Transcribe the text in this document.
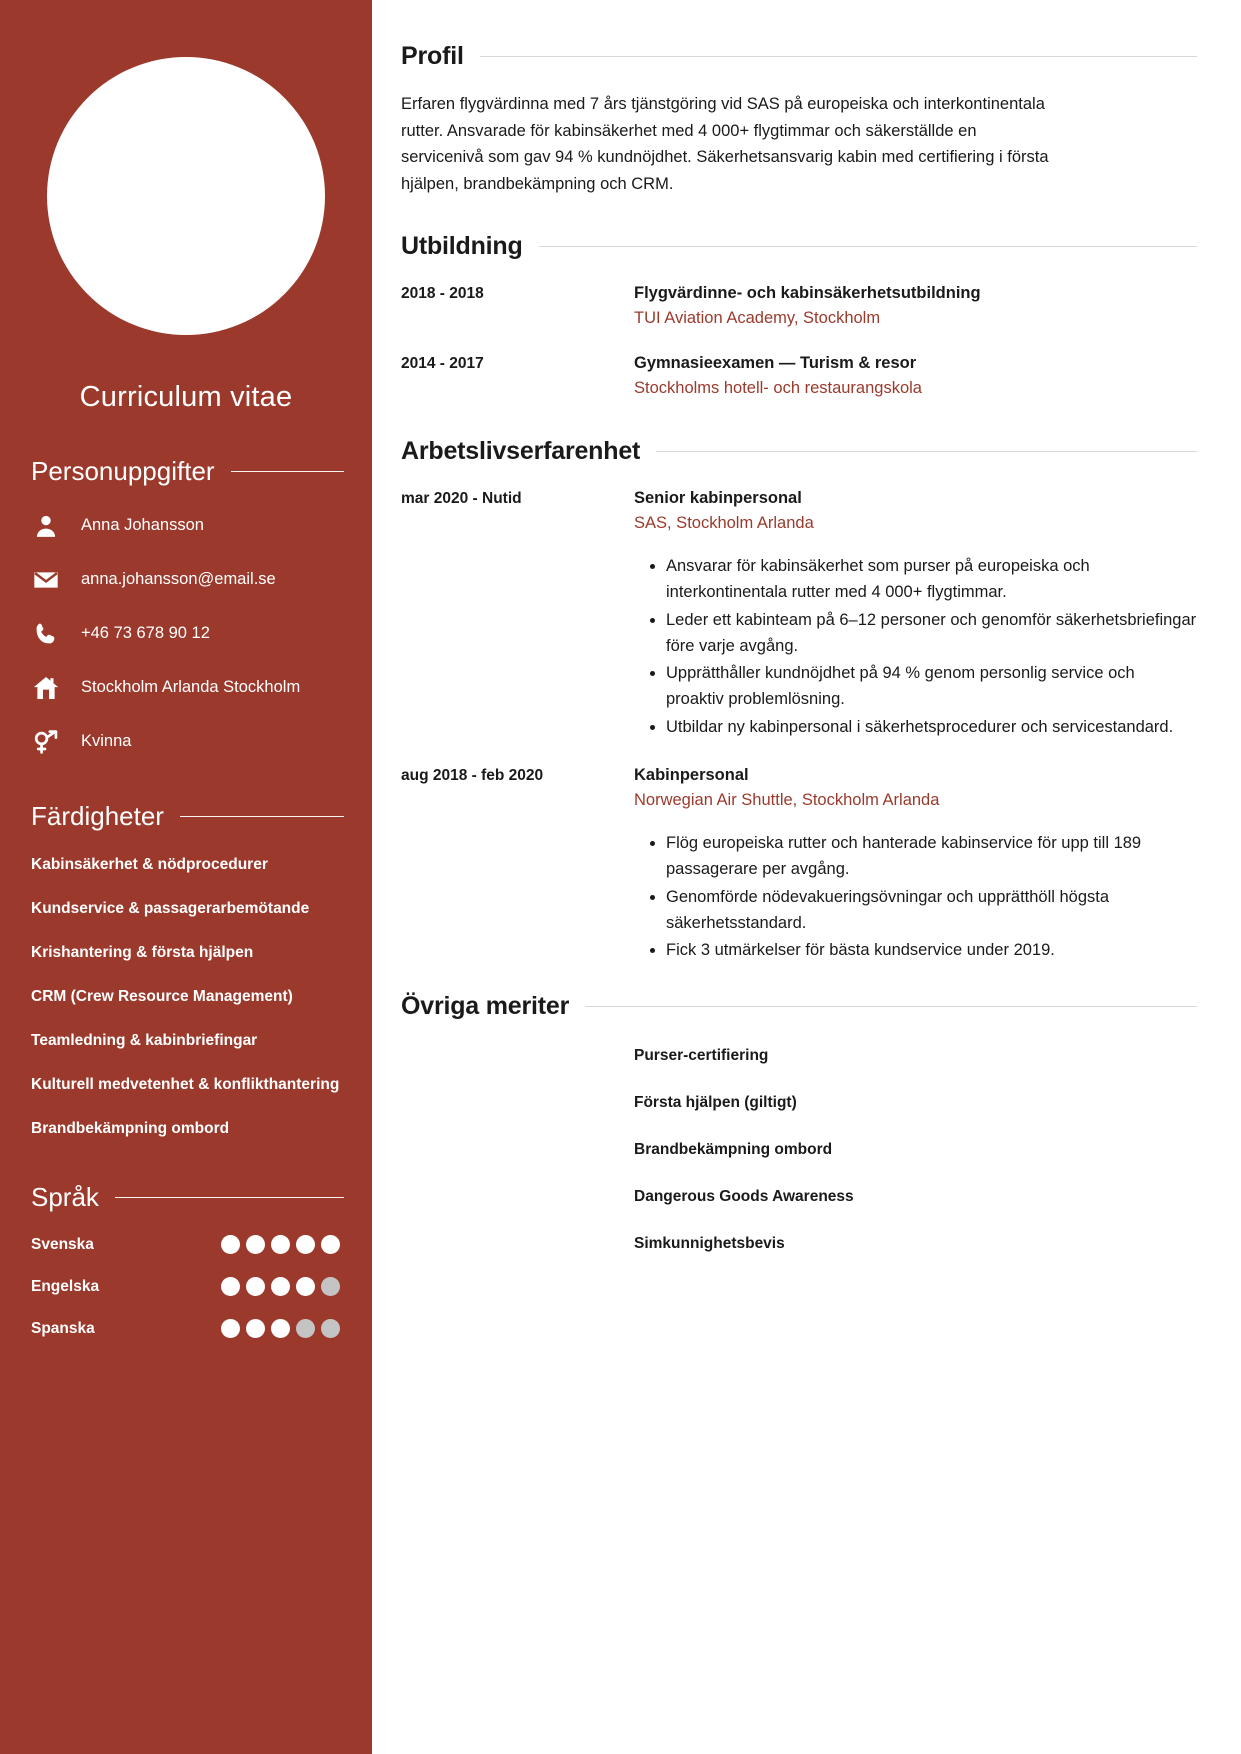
Curriculum vitae
Personuppgifter
Anna Johansson
anna.johansson@email.se
+46 73 678 90 12
Stockholm Arlanda Stockholm
Kvinna
Färdigheter
Kabinsäkerhet & nödprocedurer
Kundservice & passagerarbemötande
Krishantering & första hjälpen
CRM (Crew Resource Management)
Teamledning & kabinbriefingar
Kulturell medvetenhet & konflikthantering
Brandbekämpning ombord
Språk
Svenska
Engelska
Spanska
Profil

Erfaren flygvärdinna med 7 års tjänstgöring vid SAS på europeiska och interkontinentala rutter. Ansvarade för kabinsäkerhet med 4 000+ flygtimmar och säkerställde en servicenivå som gav 94 % kundnöjdhet. Säkerhetsansvarig kabin med certifiering i första hjälpen, brandbekämpning och CRM.

Utbildning
2018 - 2018	Flygvärdinne- och kabinsäkerhetsutbildning
TUI Aviation Academy, Stockholm
2014 - 2017	Gymnasieexamen — Turism & resor
Stockholms hotell- och restaurangskola
Arbetslivserfarenhet
mar 2020 - Nutid	Senior kabinpersonal
SAS, Stockholm Arlanda
• Ansvarar för kabinsäkerhet som purser på europeiska och interkontinentala rutter med 4 000+ flygtimmar.
• Leder ett kabinteam på 6–12 personer och genomför säkerhetsbriefingar före varje avgång.
• Upprätthåller kundnöjdhet på 94 % genom personlig service och proaktiv problemlösning.
• Utbildar ny kabinpersonal i säkerhetsprocedurer och servicestandard.
aug 2018 - feb 2020	Kabinpersonal
Norwegian Air Shuttle, Stockholm Arlanda
• Flög europeiska rutter och hanterade kabinservice för upp till 189 passagerare per avgång.
• Genomförde nödevakueringsövningar och upprätthöll högsta säkerhetsstandard.
• Fick 3 utmärkelser för bästa kundservice under 2019.
Övriga meriter
Purser-certifiering
Första hjälpen (giltigt)
Brandbekämpning ombord
Dangerous Goods Awareness
Simkunnighetsbevis
